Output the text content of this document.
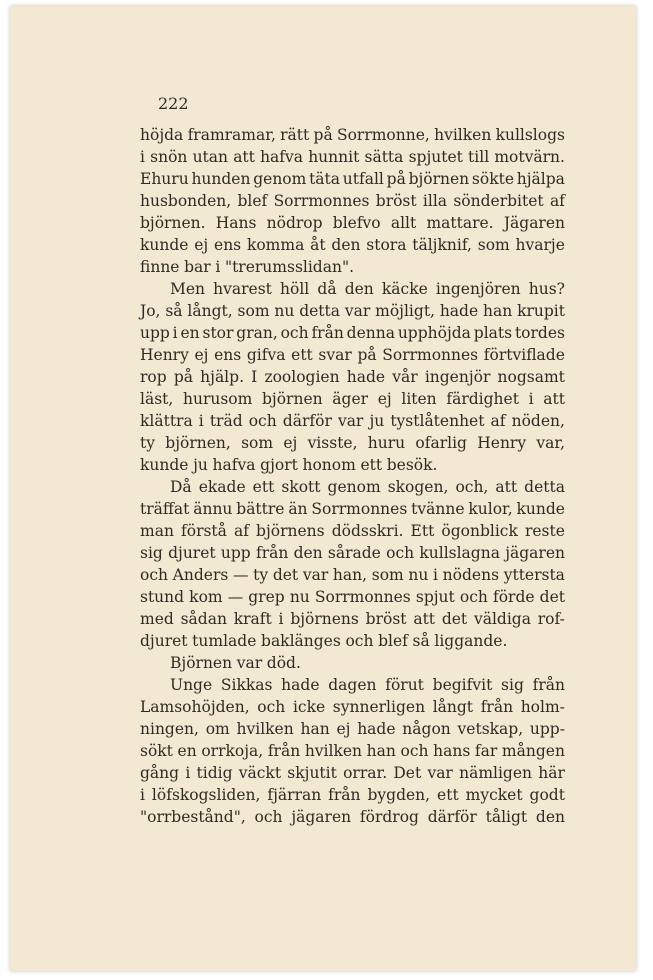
222
höjda framramar, rätt på Sorrmonne, hvilken kullslogs
i snön utan att hafva hunnit sätta spjutet till motvärn.
Ehuru hunden genom täta utfall på björnen sökte hjälpa
husbonden, blef Sorrmonnes bröst illa sönderbitet af
björnen. Hans nödrop blefvo allt mattare. Jägaren
kunde ej ens komma åt den stora täljknif, som hvarje
finne bar i "trerumsslidan".
Men hvarest höll då den käcke ingenjören hus?
Jo, så långt, som nu detta var möjligt, hade han krupit
upp i en stor gran, och från denna upphöjda plats tordes
Henry ej ens gifva ett svar på Sorrmonnes förtviflade
rop på hjälp. I zoologien hade vår ingenjör nogsamt
läst, hurusom björnen äger ej liten färdighet i att
klättra i träd och därför var ju tystlåtenhet af nöden,
ty björnen, som ej visste, huru ofarlig Henry var,
kunde ju hafva gjort honom ett besök.
Då ekade ett skott genom skogen, och, att detta
träffat ännu bättre än Sorrmonnes tvänne kulor, kunde
man förstå af björnens dödsskri. Ett ögonblick reste
sig djuret upp från den sårade och kullslagna jägaren
och Anders — ty det var han, som nu i nödens yttersta
stund kom — grep nu Sorrmonnes spjut och förde det
med sådan kraft i björnens bröst att det väldiga rof-
djuret tumlade baklänges och blef så liggande.
Björnen var död.
Unge Sikkas hade dagen förut begifvit sig från
Lamsohöjden, och icke synnerligen långt från holm-
ningen, om hvilken han ej hade någon vetskap, upp-
sökt en orrkoja, från hvilken han och hans far mången
gång i tidig väckt skjutit orrar. Det var nämligen här
i löfskogsliden, fjärran från bygden, ett mycket godt
"orrbestånd", och jägaren fördrog därför tåligt den
